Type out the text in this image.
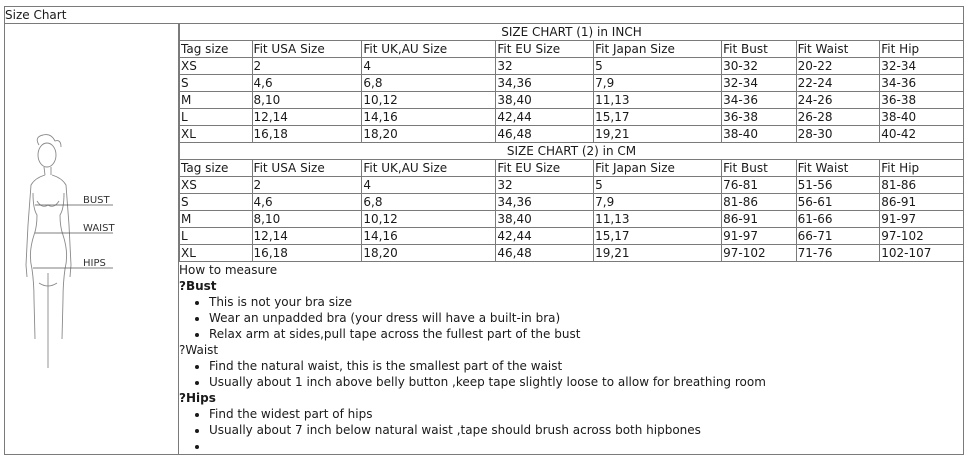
Size Chart
BUST
WAIST
HIPS
SIZE CHART (1) in INCH							
Tag size	Fit USA Size	Fit UK,AU Size	Fit EU Size	Fit Japan Size	Fit Bust	Fit Waist	Fit Hip
XS	2	4	32	5	30-32	20-22	32-34
S	4,6	6,8	34,36	7,9	32-34	22-24	34-36
M	8,10	10,12	38,40	11,13	34-36	24-26	36-38
L	12,14	14,16	42,44	15,17	36-38	26-28	38-40
XL	16,18	18,20	46,48	19,21	38-40	28-30	40-42
SIZE CHART (2) in CM							
Tag size	Fit USA Size	Fit UK,AU Size	Fit EU Size	Fit Japan Size	Fit Bust	Fit Waist	Fit Hip
XS	2	4	32	5	76-81	51-56	81-86
S	4,6	6,8	34,36	7,9	81-86	56-61	86-91
M	8,10	10,12	38,40	11,13	86-91	61-66	91-97
L	12,14	14,16	42,44	15,17	91-97	66-71	97-102
XL	16,18	18,20	46,48	19,21	97-102	71-76	102-107
How to measure
?Bust
• This is not your bra size
• Wear an unpadded bra (your dress will have a built-in bra)
• Relax arm at sides,pull tape across the fullest part of the bust
?Waist
• Find the natural waist, this is the smallest part of the waist
• Usually about 1 inch above belly button ,keep tape slightly loose to allow for breathing room
?Hips
• Find the widest part of hips
• Usually about 7 inch below natural waist ,tape should brush across both hipbones
•
